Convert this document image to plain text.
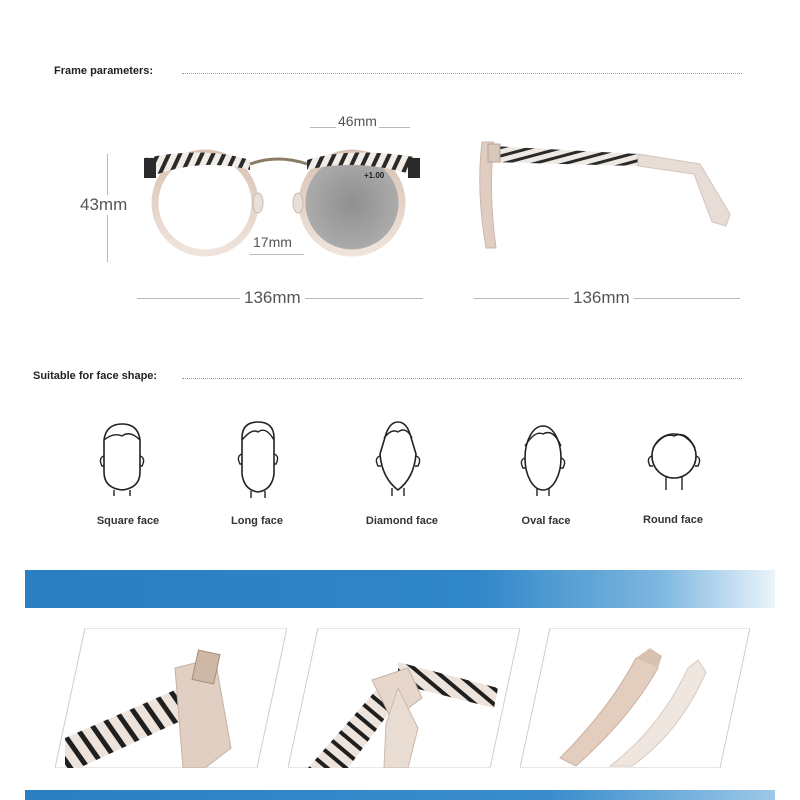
Frame parameters:
+1.00
46mm
43mm
17mm
136mm	136mm
Suitable for face shape:
Square face	Long face	Diamond face	Oval face	Round face
